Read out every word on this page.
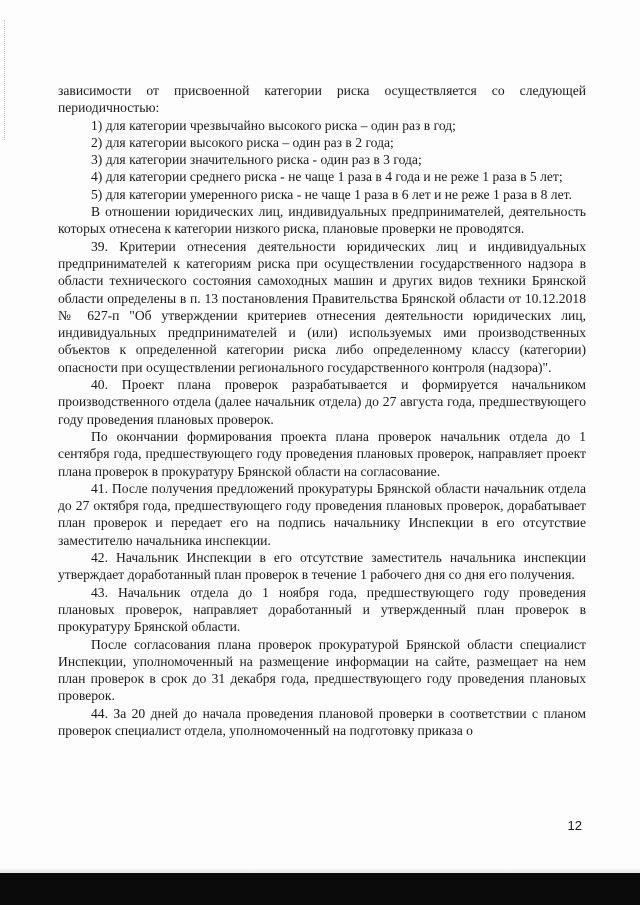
зависимости от присвоенной категории риска осуществляется со следующей периодичностью:

1) для категории чрезвычайно высокого риска – один раз в год;

2) для категории высокого риска – один раз в 2 года;

3) для категории значительного риска - один раз в 3 года;

4) для категории среднего риска - не чаще 1 раза в 4 года и не реже 1 раза в 5 лет;

5) для категории умеренного риска - не чаще 1 раза в 6 лет и не реже 1 раза в 8 лет.

В отношении юридических лиц, индивидуальных предпринимателей, деятельность которых отнесена к категории низкого риска, плановые проверки не проводятся.

39. Критерии отнесения деятельности юридических лиц и индивидуальных предпринимателей к категориям риска при осуществлении государственного надзора в области технического состояния самоходных машин и других видов техники Брянской области определены в п. 13 постановления Правительства Брянской области от 10.12.2018 № 627-п "Об утверждении критериев отнесения деятельности юридических лиц, индивидуальных предпринимателей и (или) используемых ими производственных объектов к определенной категории риска либо определенному классу (категории) опасности при осуществлении регионального государственного контроля (надзора)".

40. Проект плана проверок разрабатывается и формируется начальником производственного отдела (далее начальник отдела) до 27 августа года, предшествующего году проведения плановых проверок.

По окончании формирования проекта плана проверок начальник отдела до 1 сентября года, предшествующего году проведения плановых проверок, направляет проект плана проверок в прокуратуру Брянской области на согласование.

41. После получения предложений прокуратуры Брянской области начальник отдела до 27 октября года, предшествующего году проведения плановых проверок, дорабатывает план проверок и передает его на подпись начальнику Инспекции в его отсутствие заместителю начальника инспекции.

42. Начальник Инспекции в его отсутствие заместитель начальника инспекции утверждает доработанный план проверок в течение 1 рабочего дня со дня его получения.

43. Начальник отдела до 1 ноября года, предшествующего году проведения плановых проверок, направляет доработанный и утвержденный план проверок в прокуратуру Брянской области.

После согласования плана проверок прокуратурой Брянской области специалист Инспекции, уполномоченный на размещение информации на сайте, размещает на нем план проверок в срок до 31 декабря года, предшествующего году проведения плановых проверок.

44. За 20 дней до начала проведения плановой проверки в соответствии с планом проверок специалист отдела, уполномоченный на подготовку приказа о

12
